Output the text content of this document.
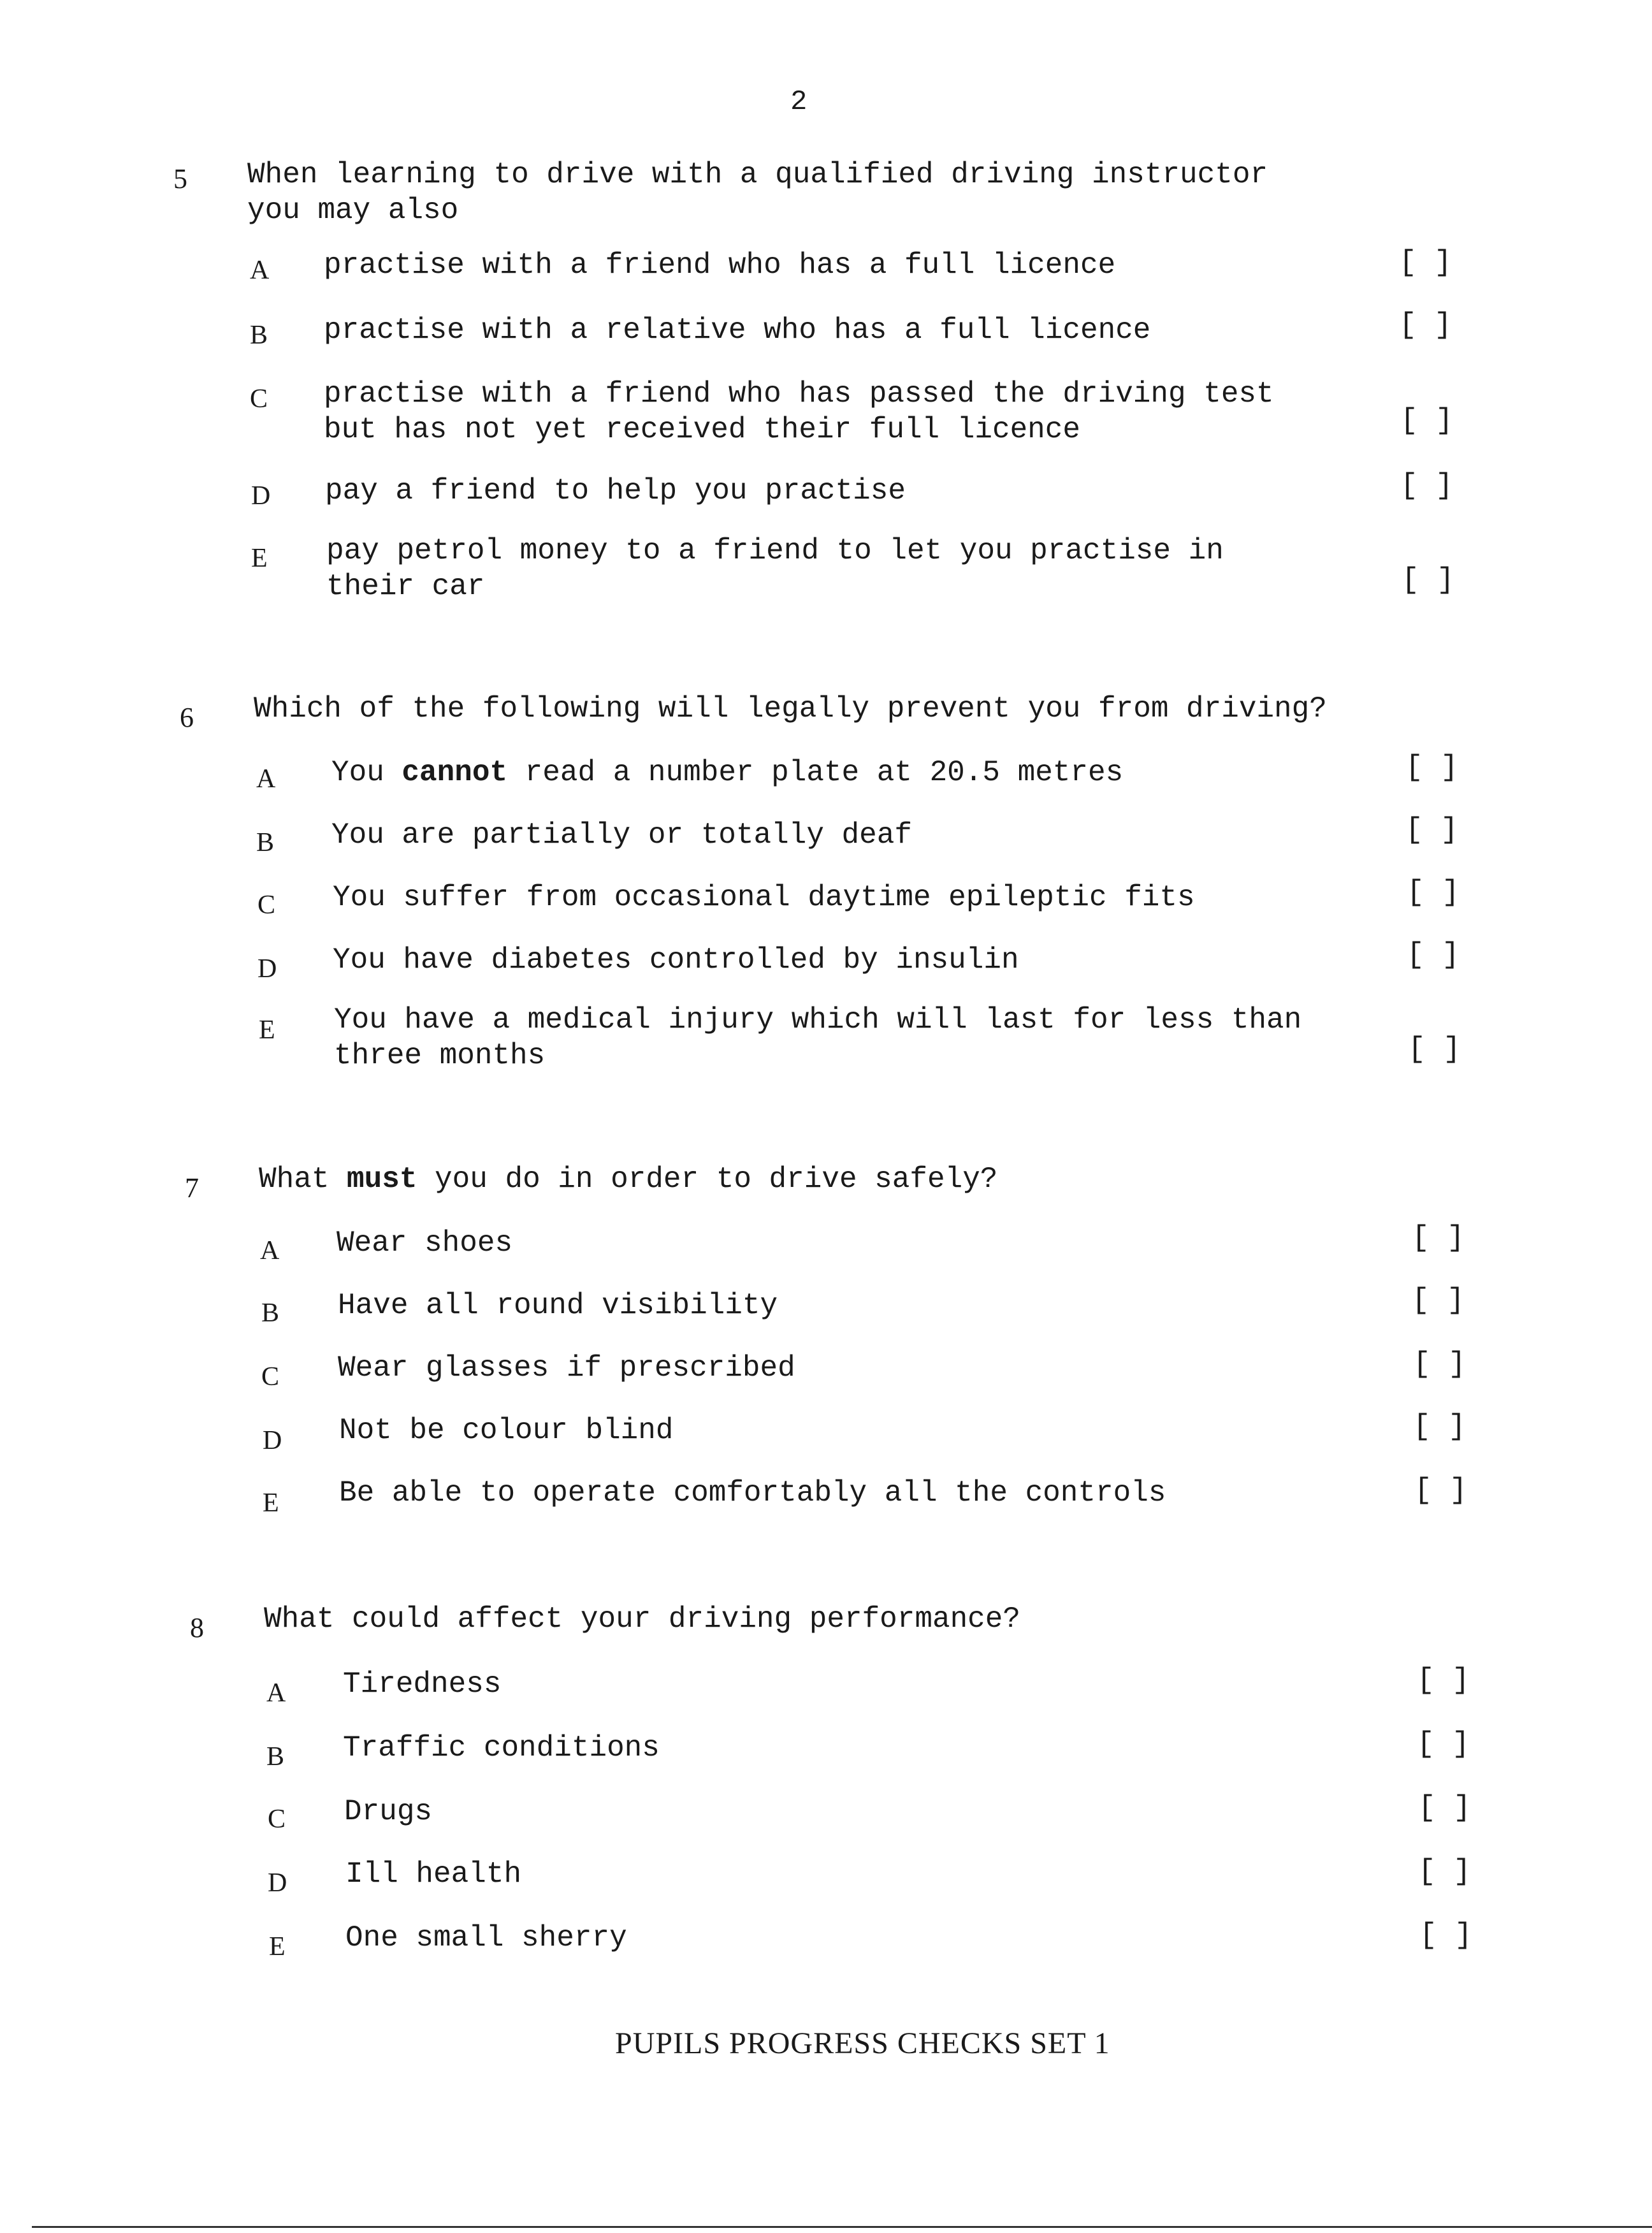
2
5 When learning to drive with a qualified driving instructor
you may also

A practise with a friend who has a full licence	[ ]
B practise with a relative who has a full licence	[ ]
C practise with a friend who has passed the driving test
but has not yet received their full licence	[ ]
D pay a friend to help you practise	[ ]
E pay petrol money to a friend to let you practise in
their car	[ ]
6 Which of the following will legally prevent you from driving?

A You cannot read a number plate at 20.5 metres	[ ]
B You are partially or totally deaf	[ ]
C You suffer from occasional daytime epileptic fits	[ ]
D You have diabetes controlled by insulin	[ ]
E You have a medical injury which will last for less than
three months	[ ]
7 What must you do in order to drive safely?

A Wear shoes	[ ]
B Have all round visibility	[ ]
C Wear glasses if prescribed	[ ]
D Not be colour blind	[ ]
E Be able to operate comfortably all the controls	[ ]
8 What could affect your driving performance?

A Tiredness	[ ]
B Traffic conditions	[ ]
C Drugs	[ ]
D Ill health	[ ]
E One small sherry	[ ]
PUPILS PROGRESS CHECKS SET 1
